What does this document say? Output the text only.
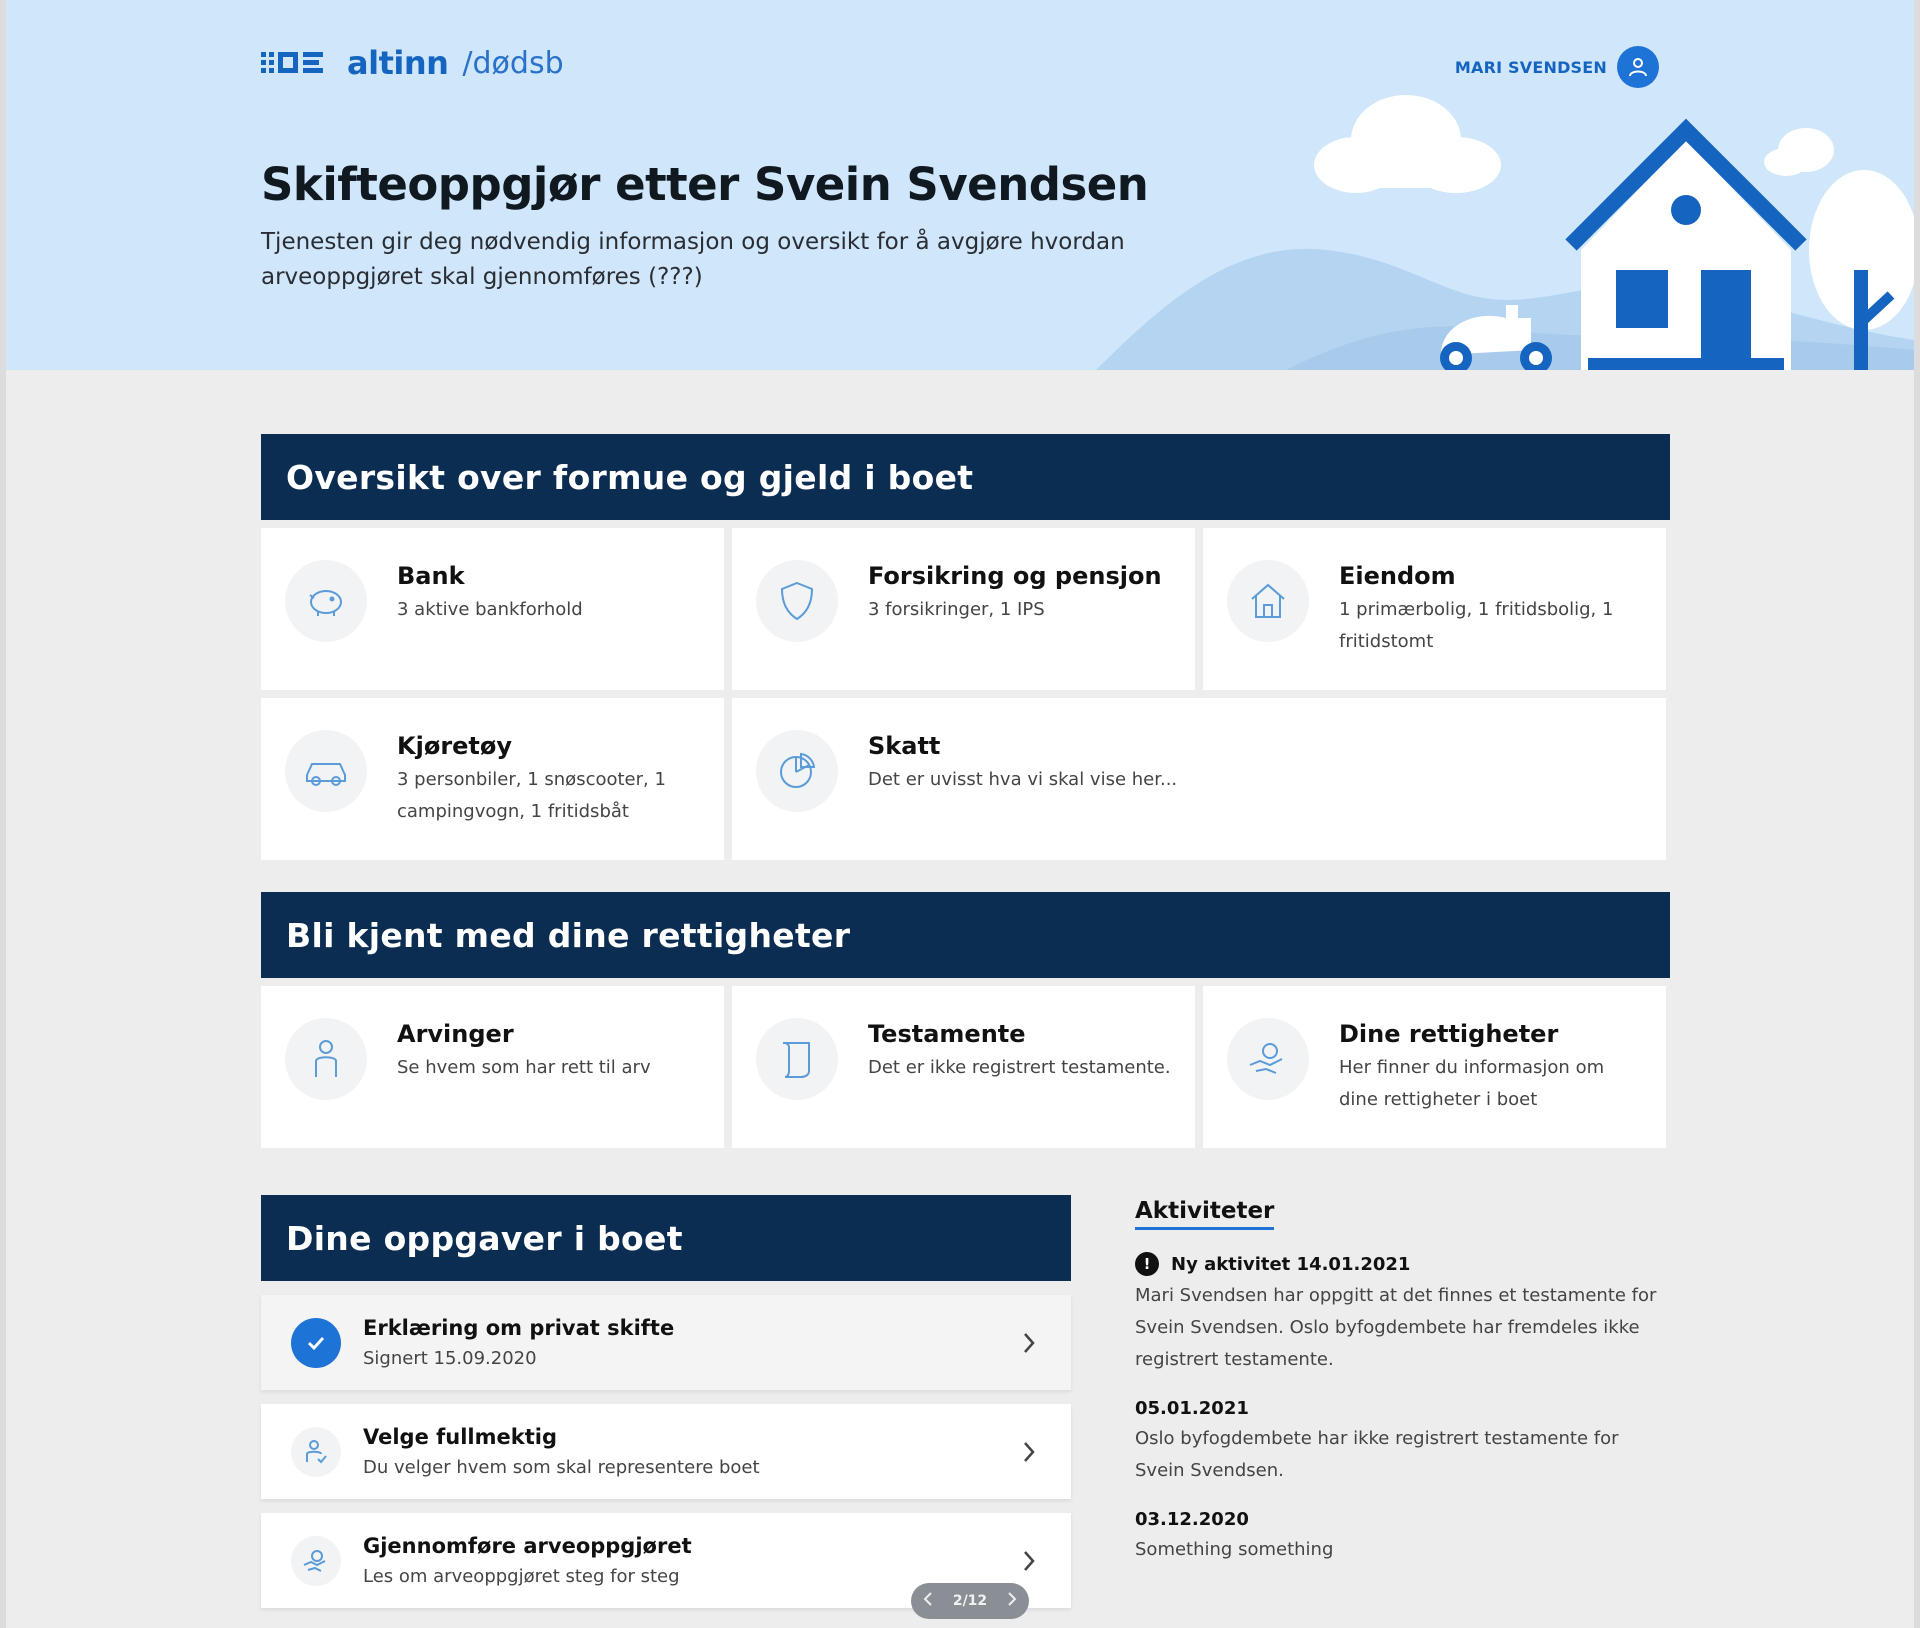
altinn /dødsb	MARI SVENDSEN
Skifteoppgjør etter Svein Svendsen

Tjenesten gir deg nødvendig informasjon og oversikt for å avgjøre hvordan arveoppgjøret skal gjennomføres (???)

Oversikt over formue og gjeld i boet
Bank
3 aktive bankforhold
Forsikring og pensjon
3 forsikringer, 1 IPS
Eiendom
1 primærbolig, 1 fritidsbolig, 1 fritidstomt
Kjøretøy
3 personbiler, 1 snøscooter, 1 campingvogn, 1 fritidsbåt
Skatt
Det er uvisst hva vi skal vise her...
Bli kjent med dine rettigheter
Arvinger
Se hvem som har rett til arv
Testamente
Det er ikke registrert testamente.
Dine rettigheter
Her finner du informasjon om dine rettigheter i boet
Dine oppgaver i boet
Erklæring om privat skifte
Signert 15.09.2020
Velge fullmektig
Du velger hvem som skal representere boet
Gjennomføre arveoppgjøret
Les om arveoppgjøret steg for steg
2/12
Aktiviteter
!	Ny aktivitet 14.01.2021
Mari Svendsen har oppgitt at det finnes et testamente for Svein Svendsen. Oslo byfogdembete har fremdeles ikke registrert testamente.
05.01.2021
Oslo byfogdembete har ikke registrert testamente for Svein Svendsen.
03.12.2020
Something something
